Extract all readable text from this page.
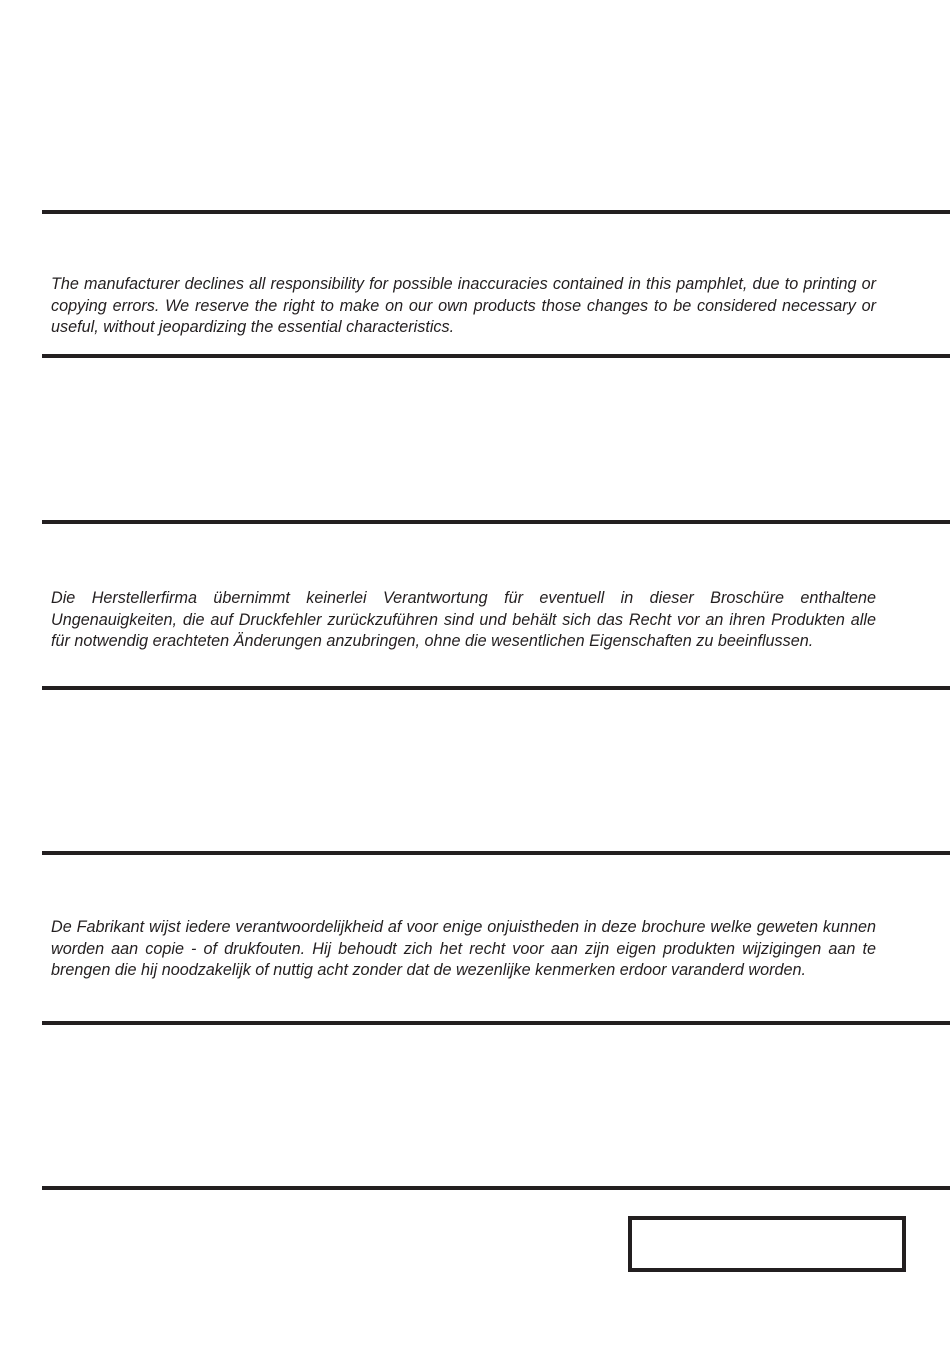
The manufacturer declines all responsibility for possible inaccuracies contained in this pamphlet, due to printing or copying errors. We reserve the right to make on our own products those changes to be considered necessary or useful, without jeopardizing the essential characteristics.

Die Herstellerfirma übernimmt keinerlei Verantwortung für eventuell in dieser Broschüre enthaltene Ungenauigkeiten, die auf Druckfehler zurückzuführen sind und behält sich das Recht vor an ihren Produkten alle für notwendig erachteten Änderungen anzubringen, ohne die wesentlichen Eigenschaften zu beeinflussen.

De Fabrikant wijst iedere verantwoordelijkheid af voor enige onjuistheden in deze brochure welke geweten kunnen worden aan copie - of drukfouten. Hij behoudt zich het recht voor aan zijn eigen produkten wijzigingen aan te brengen die hij noodzakelijk of nuttig acht zonder dat de wezenlijke kenmerken erdoor varanderd worden.
